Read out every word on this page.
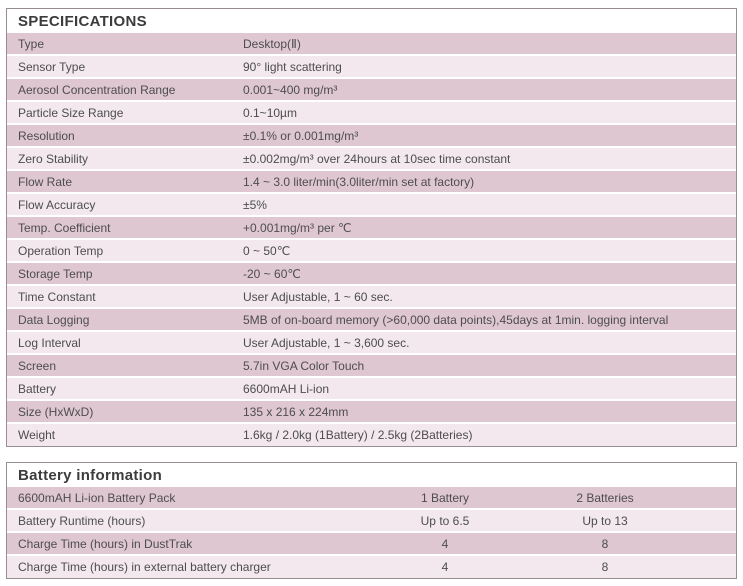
SPECIFICATIONS
Type	Desktop(Ⅱ)
Sensor Type	90° light scattering
Aerosol Concentration Range	0.001~400 mg/m³
Particle Size Range	0.1~10µm
Resolution	±0.1% or 0.001mg/m³
Zero Stability	±0.002mg/m³ over 24hours at 10sec time constant
Flow Rate	1.4 ~ 3.0 liter/min(3.0liter/min set at factory)
Flow Accuracy	±5%
Temp. Coefficient	+0.001mg/m³ per ℃
Operation Temp	0 ~ 50℃
Storage Temp	-20 ~ 60℃
Time Constant	User Adjustable, 1 ~ 60 sec.
Data Logging	5MB of on-board memory (>60,000 data points),45days at 1min. logging interval
Log Interval	User Adjustable, 1 ~ 3,600 sec.
Screen	5.7in VGA Color Touch
Battery	6600mAH Li-ion
Size (HxWxD)	135 x 216 x 224mm
Weight	1.6kg / 2.0kg (1Battery) / 2.5kg (2Batteries)
Battery information
6600mAH Li-ion Battery Pack	1 Battery	2 Batteries
Battery Runtime (hours)	Up to 6.5	Up to 13
Charge Time (hours) in DustTrak	4	8
Charge Time (hours) in external battery charger	4	8
